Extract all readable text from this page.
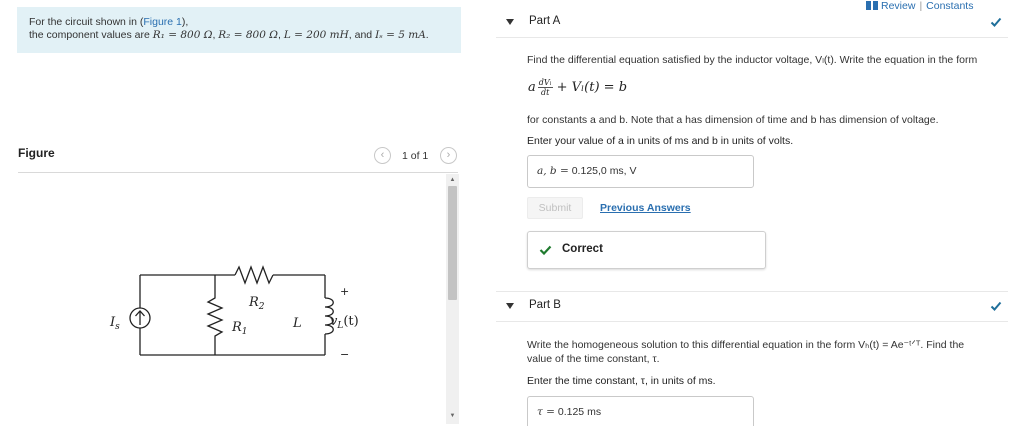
For the circuit shown in (Figure 1),
the component values are R₁ = 800 Ω, R₂ = 800 Ω, L = 200 mH, and Iₛ = 5 mA.
Figure	‹	1 of 1	›
$I_s$	$R_1$
$R_2$
L $v_L(t)$
+
−
▲
▼
Review | Constants
Part A
Find the differential equation satisfied by the inductor voltage, Vₗ(t). Write the equation in the form
a $\frac{\text{dVₗ}}{dt} + V_l(t) = b$
for constants a and b. Note that a has dimension of time and b has dimension of voltage.
Enter your value of a in units of ms and b in units of volts.
a, b = 0.125,0 ms, V
Submit	Previous Answers
Correct
Part B
Write the homogeneous solution to this differential equation in the form Vₕ(t) = Ae⁻ᵗᐟᵀ. Find the
value of the time constant, τ.
Enter the time constant, τ, in units of ms.
τ = 0.125 ms
